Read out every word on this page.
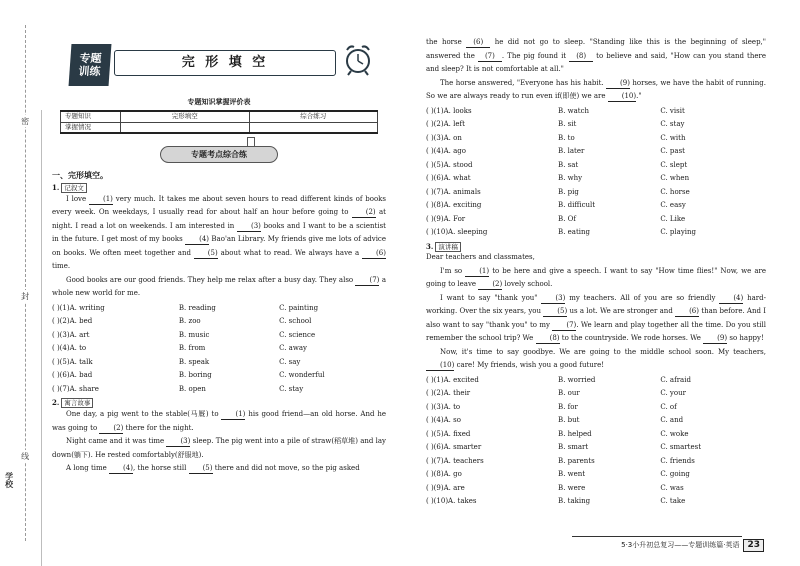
密
封
线
学校
专题
训练
完 形 填 空
专题知识掌握评价表
专题知识	完形填空	综合练习
掌握情况		
专题考点综合练
一、完形填空。
1. 记叙文
I love (1) very much. It takes me about seven hours to read different kinds of books every week. On weekdays, I usually read for about half an hour before going to (2) at night. I read a lot on weekends. I am interested in (3) books and I want to be a scientist in the future. I get most of my books (4) Bao'an Library. My friends give me lots of advice on books. We often meet together and (5) about what to read. We always have a (6) time.
Good books are our good friends. They help me relax after a busy day. They also (7) a whole new world for me.
( )(1)A. writing	B. reading	C. painting
( )(2)A. bed	B. zoo	C. school
( )(3)A. art	B. music	C. science
( )(4)A. to	B. from	C. away
( )(5)A. talk	B. speak	C. say
( )(6)A. bad	B. boring	C. wonderful
( )(7)A. share	B. open	C. stay
2. 寓言故事
One day, a pig went to the stable(马厩) to (1) his good friend—an old horse. And he was going to (2) there for the night.
Night came and it was time (3) sleep. The pig went into a pile of straw(稻草堆) and lay down(躺下). He rested comfortably(舒服地).
A long time (4), the horse still (5) there and did not move, so the pig asked
the horse (6) he did not go to sleep. "Standing like this is the beginning of sleep," answered the (7) . The pig found it (8) to believe and said, "How can you stand there and sleep? It is not comfortable at all."
The horse answered, "Everyone has his habit. (9) horses, we have the habit of running. So we are always ready to run even if(即使) we are (10)."
( )(1)A. looks	B. watch	C. visit
( )(2)A. left	B. sit	C. stay
( )(3)A. on	B. to	C. with
( )(4)A. ago	B. later	C. past
( )(5)A. stood	B. sat	C. slept
( )(6)A. what	B. why	C. when
( )(7)A. animals	B. pig	C. horse
( )(8)A. exciting	B. difficult	C. easy
( )(9)A. For	B. Of	C. Like
( )(10)A. sleeping	B. eating	C. playing
3. 演讲稿
Dear teachers and classmates,
I'm so (1) to be here and give a speech. I want to say "How time flies!" Now, we are going to leave (2) lovely school.
I want to say "thank you" (3) my teachers. All of you are so friendly (4) hard-working. Over the six years, you (5) us a lot. We are stronger and (6) than before. And I also want to say "thank you" to my (7). We learn and play together all the time. Do you still remember the school trip? We (8) to the countryside. We rode horses. We (9) so happy!
Now, it's time to say goodbye. We are going to the middle school soon. My teachers, (10) care! My friends, wish you a good future!
( )(1)A. excited	B. worried	C. afraid
( )(2)A. their	B. our	C. your
( )(3)A. to	B. for	C. of
( )(4)A. so	B. but	C. and
( )(5)A. fixed	B. helped	C. woke
( )(6)A. smarter	B. smart	C. smartest
( )(7)A. teachers	B. parents	C. friends
( )(8)A. go	B. went	C. going
( )(9)A. are	B. were	C. was
( )(10)A. takes	B. taking	C. take
5·3小升初总复习——专题训练篇·英语 23
